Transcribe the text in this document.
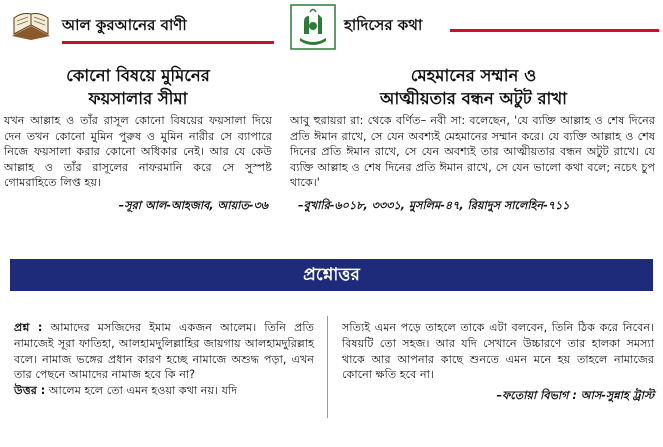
আল কুরআনের বাণী
কোনো বিষয়ে মুমিনের
ফয়সালার সীমা
যখন আল্লাহ ও তাঁর রাসূল কোনো বিষয়ের ফয়সালা দিয়ে দেন তখন কোনো মুমিন পুরুষ ও মুমিন নারীর সে ব্যাপারে নিজে ফয়সালা করার কোনো অধিকার নেই। আর যে কেউ আল্লাহ ও তাঁর রাসূলের নাফরমানি করে সে সুস্পষ্ট গোমরাহিতে লিপ্ত হয়।
–সূরা আল-আহজাব, আয়াত-৩৬
হাদিসের কথা
মেহমানের সম্মান ও
আত্মীয়তার বন্ধন অটুট রাখা
আবু হুরায়রা রা: থেকে বর্ণিত– নবী সা: বলেছেন, 'যে ব্যক্তি আল্লাহ ও শেষ দিনের প্রতি ঈমান রাখে, সে যেন অবশ্যই মেহমানের সম্মান করে। যে ব্যক্তি আল্লাহ ও শেষ দিনের প্রতি ঈমান রাখে, সে যেন অবশ্যই তার আত্মীয়তার বন্ধন অটুট রাখে। যে ব্যক্তি আল্লাহ ও শেষ দিনের প্রতি ঈমান রাখে, সে যেন ভালো কথা বলে; নচেৎ চুপ থাকে।'
–বুখারি-৬০১৮, ৩৩৩১, মুসলিম-৪৭, রিয়াদুস সালেহিন-৭১১
প্রশ্নোত্তর
প্রশ্ন : আমাদের মসজিদের ইমাম একজন আলেম। তিনি প্রতি নামাজেই সূরা ফাতিহা, আলহামদুলিল্লাহির জায়গায় আলহামদুরিল্লাহ বলে। নামাজ ভঙ্গের প্রধান কারণ হচ্ছে নামাজে অশুদ্ধ পড়া, এখন তার পেছনে আমাদের নামাজ হবে কি না?
উত্তর : আলেম হলে তো এমন হওয়া কথা নয়। যদি
সত্যিই এমন পড়ে তাহলে তাকে এটা বলবেন, তিনি ঠিক করে নিবেন। বিষয়টি তো সহজ। আর যদি সেখানে উচ্চারণে তার হালকা সমস্যা থাকে আর আপনার কাছে শুনতে এমন মনে হয় তাহলে নামাজের কোনো ক্ষতি হবে না।
–ফতোয়া বিভাগ : আস-সুন্নাহ ট্রাস্ট
